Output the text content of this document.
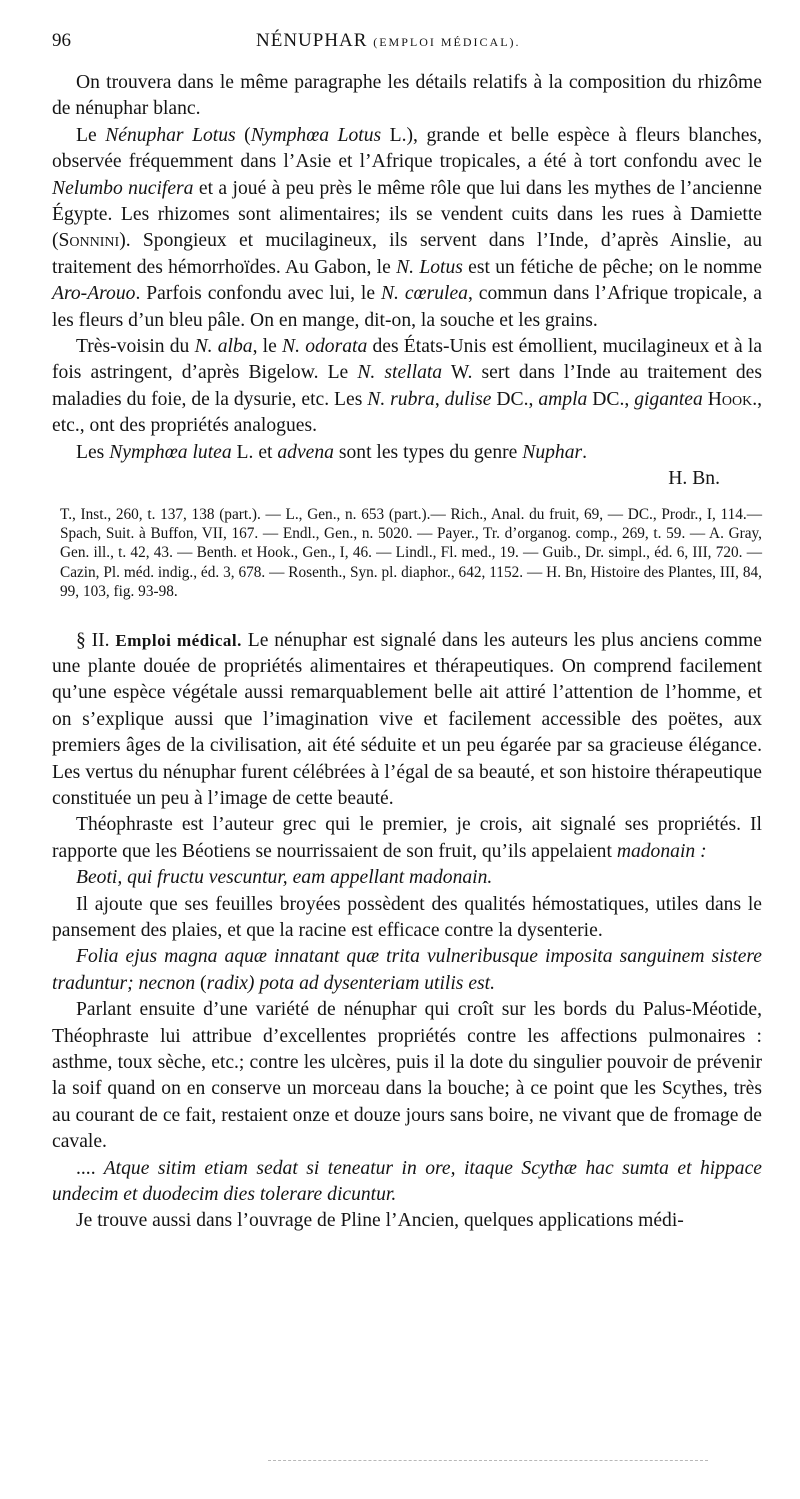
96	NÉNUPHAR (EMPLOI MÉDICAL).

On trouvera dans le même paragraphe les détails relatifs à la composition du rhizôme de nénuphar blanc.

Le Nénuphar Lotus (Nymphœa Lotus L.), grande et belle espèce à fleurs blanches, observée fréquemment dans l’Asie et l’Afrique tropicales, a été à tort confondu avec le Nelumbo nucifera et a joué à peu près le même rôle que lui dans les mythes de l’ancienne Égypte. Les rhizomes sont alimentaires; ils se vendent cuits dans les rues à Damiette (Sonnini). Spongieux et mucilagineux, ils servent dans l’Inde, d’après Ainslie, au traitement des hémorrhoïdes. Au Gabon, le N. Lotus est un fétiche de pêche; on le nomme Aro-Arouo. Parfois confondu avec lui, le N. cœrulea, commun dans l’Afrique tropicale, a les fleurs d’un bleu pâle. On en mange, dit-on, la souche et les grains.

Très-voisin du N. alba, le N. odorata des États-Unis est émollient, mucilagineux et à la fois astringent, d’après Bigelow. Le N. stellata W. sert dans l’Inde au traitement des maladies du foie, de la dysurie, etc. Les N. rubra, dulise DC., ampla DC., gigantea Hook., etc., ont des propriétés analogues.

Les Nymphœa lutea L. et advena sont les types du genre Nuphar.

H. Bn.

T., Inst., 260, t. 137, 138 (part.). — L., Gen., n. 653 (part.).— Rich., Anal. du fruit, 69, — DC., Prodr., I, 114.— Spach, Suit. à Buffon, VII, 167. — Endl., Gen., n. 5020. — Payer., Tr. d’organog. comp., 269, t. 59. — A. Gray, Gen. ill., t. 42, 43. — Benth. et Hook., Gen., I, 46. — Lindl., Fl. med., 19. — Guib., Dr. simpl., éd. 6, III, 720. — Cazin, Pl. méd. indig., éd. 3, 678. — Rosenth., Syn. pl. diaphor., 642, 1152. — H. Bn, Histoire des Plantes, III, 84, 99, 103, fig. 93-98.

§ II. Emploi médical. Le nénuphar est signalé dans les auteurs les plus anciens comme une plante douée de propriétés alimentaires et thérapeutiques. On comprend facilement qu’une espèce végétale aussi remarquablement belle ait attiré l’attention de l’homme, et on s’explique aussi que l’imagination vive et facilement accessible des poëtes, aux premiers âges de la civilisation, ait été séduite et un peu égarée par sa gracieuse élégance. Les vertus du nénuphar furent célébrées à l’égal de sa beauté, et son histoire thérapeutique constituée un peu à l’image de cette beauté.

Théophraste est l’auteur grec qui le premier, je crois, ait signalé ses propriétés. Il rapporte que les Béotiens se nourrissaient de son fruit, qu’ils appelaient madonain :

Beoti, qui fructu vescuntur, eam appellant madonain.

Il ajoute que ses feuilles broyées possèdent des qualités hémostatiques, utiles dans le pansement des plaies, et que la racine est efficace contre la dysenterie.

Folia ejus magna aquæ innatant quæ trita vulneribusque imposita sanguinem sistere traduntur; necnon (radix) pota ad dysenteriam utilis est.

Parlant ensuite d’une variété de nénuphar qui croît sur les bords du Palus-Méotide, Théophraste lui attribue d’excellentes propriétés contre les affections pulmonaires : asthme, toux sèche, etc.; contre les ulcères, puis il la dote du singulier pouvoir de prévenir la soif quand on en conserve un morceau dans la bouche; à ce point que les Scythes, très au courant de ce fait, restaient onze et douze jours sans boire, ne vivant que de fromage de cavale.

.... Atque sitim etiam sedat si teneatur in ore, itaque Scythæ hac sumta et hippace undecim et duodecim dies tolerare dicuntur.

Je trouve aussi dans l’ouvrage de Pline l’Ancien, quelques applications médi-
